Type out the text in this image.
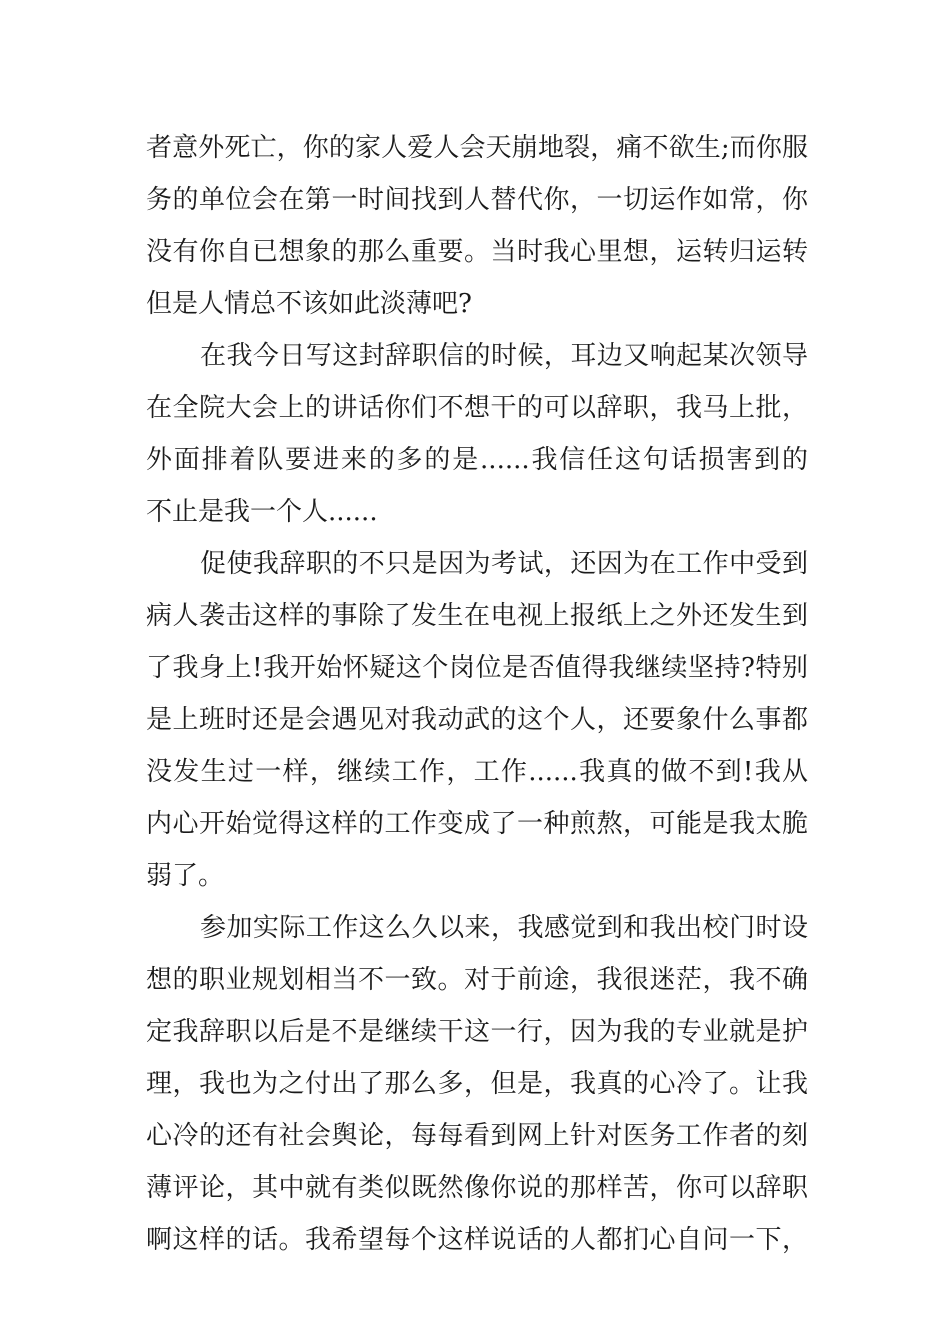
者意外死亡，你的家人爱人会天崩地裂，痛不欲生;而你服
务的单位会在第一时间找到人替代你，一切运作如常，你
没有你自已想象的那么重要。当时我心里想，运转归运转
但是人情总不该如此淡薄吧?
在我今日写这封辞职信的时候，耳边又响起某次领导
在全院大会上的讲话你们不想干的可以辞职，我马上批，
外面排着队要进来的多的是......我信任这句话损害到的
不止是我一个人......
促使我辞职的不只是因为考试，还因为在工作中受到
病人袭击这样的事除了发生在电视上报纸上之外还发生到
了我身上!我开始怀疑这个岗位是否值得我继续坚持?特别
是上班时还是会遇见对我动武的这个人，还要象什么事都
没发生过一样，继续工作，工作......我真的做不到!我从
内心开始觉得这样的工作变成了一种煎熬，可能是我太脆
弱了。
参加实际工作这么久以来，我感觉到和我出校门时设
想的职业规划相当不一致。对于前途，我很迷茫，我不确
定我辞职以后是不是继续干这一行，因为我的专业就是护
理，我也为之付出了那么多，但是，我真的心冷了。让我
心冷的还有社会舆论，每每看到网上针对医务工作者的刻
薄评论，其中就有类似既然像你说的那样苦，你可以辞职
啊这样的话。我希望每个这样说话的人都扪心自问一下，
